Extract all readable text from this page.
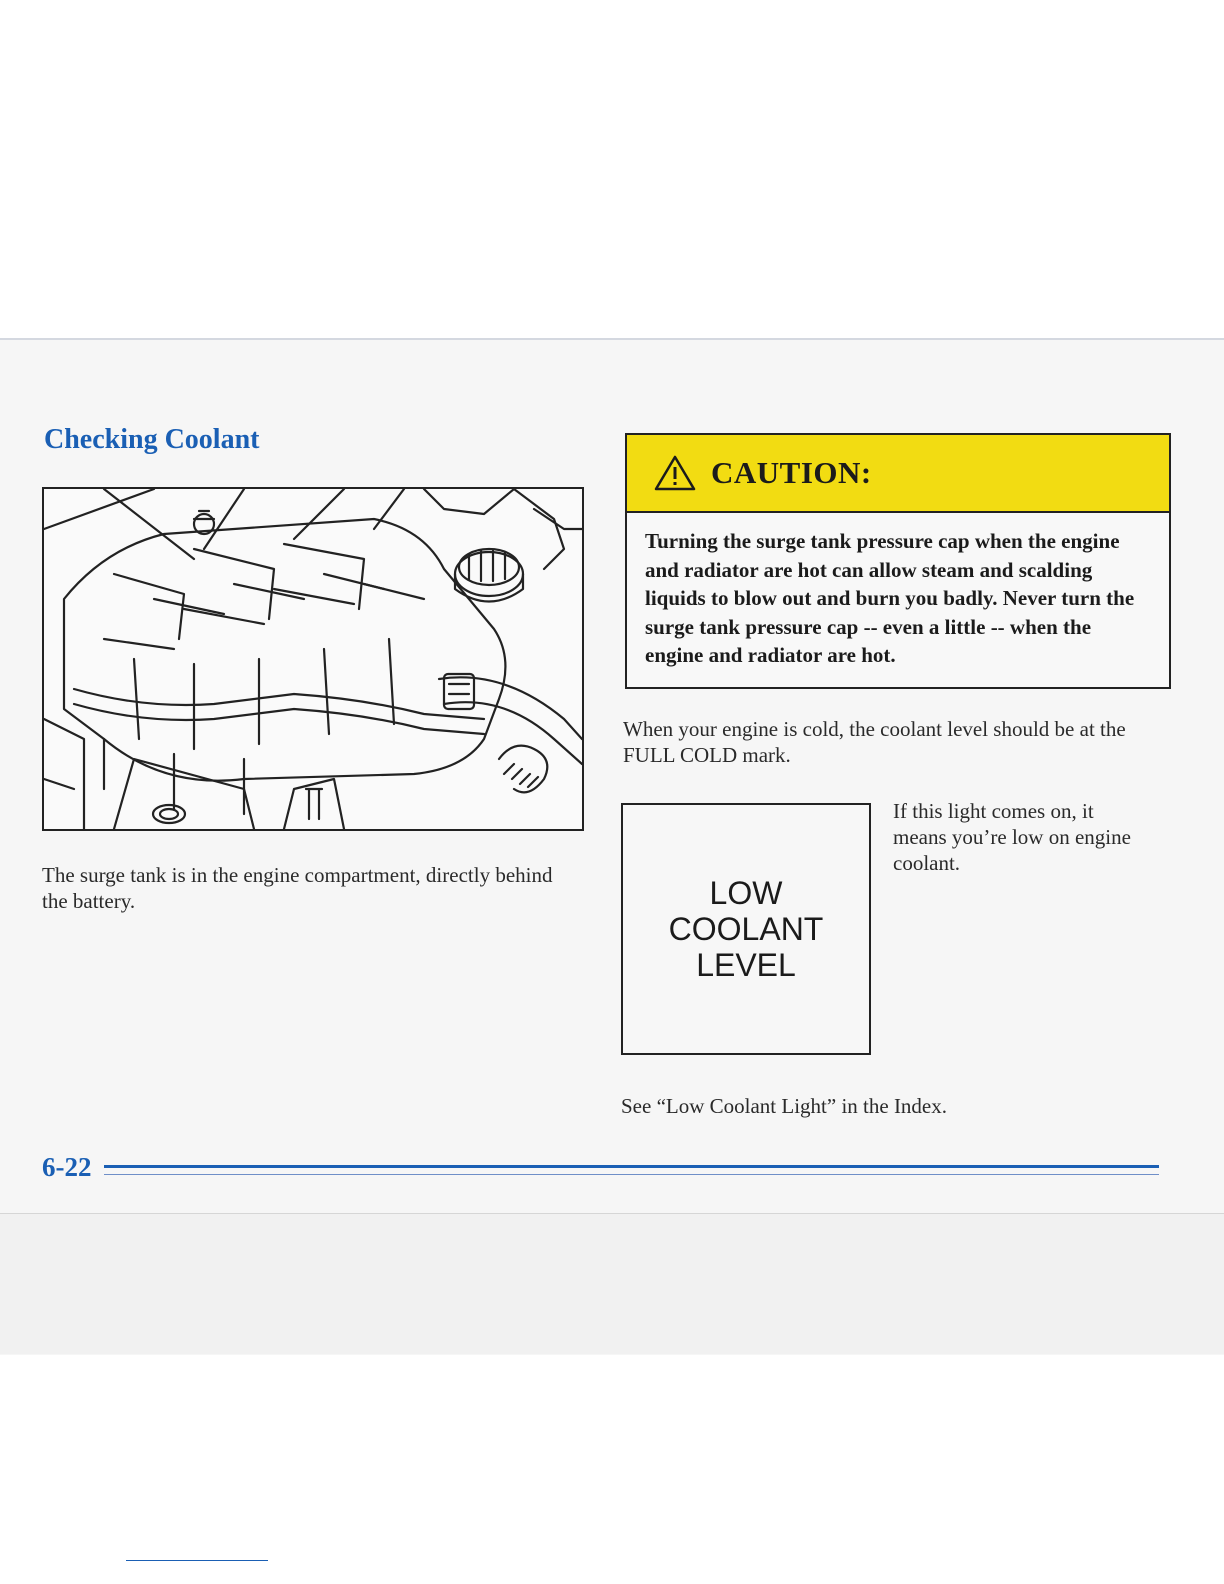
Checking Coolant

The surge tank is in the engine compartment, directly behind the battery.

CAUTION:

Turning the surge tank pressure cap when the engine and radiator are hot can allow steam and scalding liquids to blow out and burn you badly. Never turn the surge tank pressure cap -- even a little -- when the engine and radiator are hot.

When your engine is cold, the coolant level should be at the FULL COLD mark.

LOW
COOLANT
LEVEL

If this light comes on, it means you’re low on engine coolant.

See “Low Coolant Light” in the Index.

6-22
